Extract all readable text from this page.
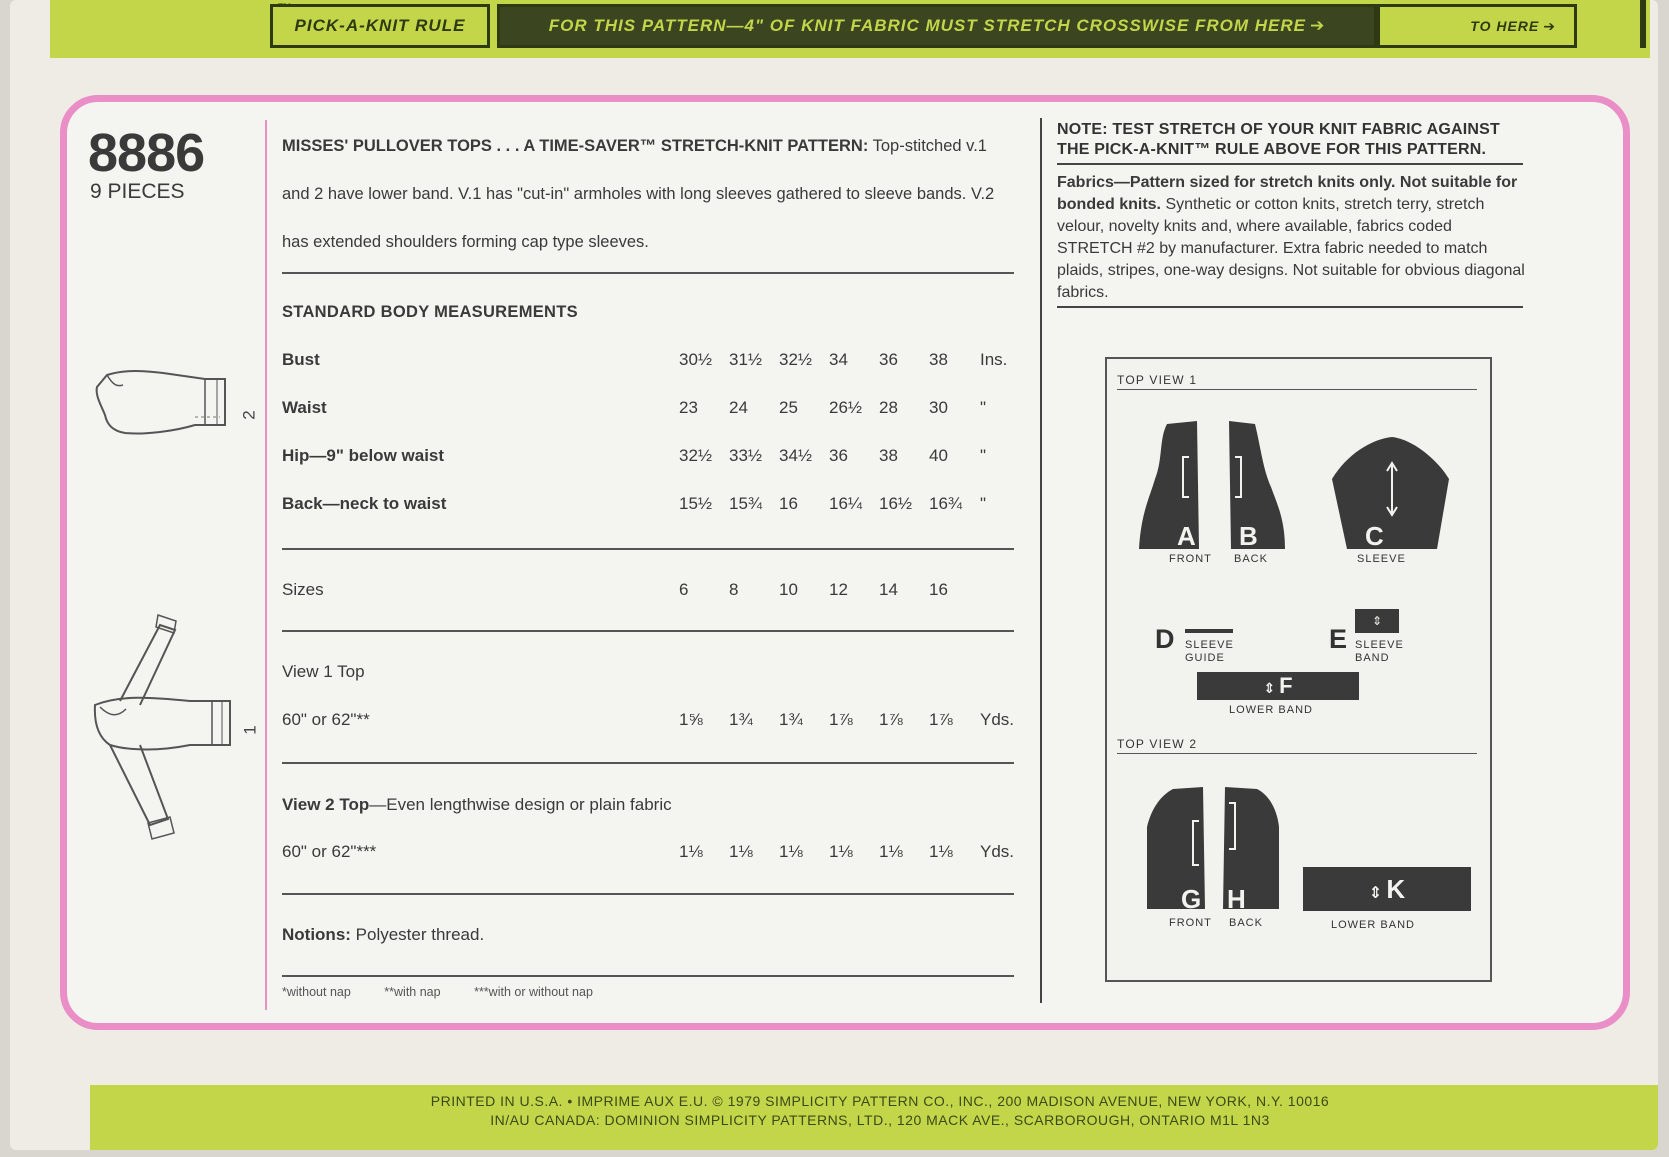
PICK-A-KNIT RULE	FOR THIS PATTERN—4" OF KNIT FABRIC MUST STRETCH CROSSWISE FROM HERE ➔	TO HERE ➔
PRINTED IN U.S.A. • IMPRIME AUX E.U. © 1979 SIMPLICITY PATTERN CO., INC., 200 MADISON AVENUE, NEW YORK, N.Y. 10016
IN/AU CANADA: DOMINION SIMPLICITY PATTERNS, LTD., 120 MACK AVE., SCARBOROUGH, ONTARIO M1L 1N3
8886
9 PIECES
2
1
MISSES' PULLOVER TOPS . . . A TIME-SAVER™ STRETCH-KNIT PATTERN: Top-stitched v.1 and 2 have lower band. V.1 has "cut-in" armholes with long sleeves gathered to sleeve bands. V.2 has extended shoulders forming cap type sleeves.
STANDARD BODY MEASUREMENTS
Bust	30½ 31½ 32½ 34	36	38	Ins.
Waist	23	24	25	26½ 28	30	"
Hip—9" below waist	32½ 33½ 34½ 36	38	40	"
Back—neck to waist	15½ 15¾ 16	16¼ 16½ 16¾	"
Sizes	6	8	10	12	14	16
View 1 Top
60" or 62"**	1⅝	1¾	1¾	1⅞	1⅞	1⅞	Yds.
View 2 Top—Even lengthwise design or plain fabric
60" or 62"***	1⅛	1⅛	1⅛	1⅛	1⅛	1⅛	Yds.
Notions: Polyester thread.
*without nap	**with nap	***with or without nap
NOTE: TEST STRETCH OF YOUR KNIT FABRIC AGAINST THE PICK-A-KNIT™ RULE ABOVE FOR THIS PATTERN.
Fabrics—Pattern sized for stretch knits only. Not suitable for bonded knits. Synthetic or cotton knits, stretch terry, stretch velour, novelty knits and, where available, fabrics coded STRETCH #2 by manufacturer. Extra fabric needed to match plaids, stripes, one-way designs. Not suitable for obvious diagonal fabrics.
TOP VIEW 1
A B	C
FRONT BACK	SLEEVE
D SLEEVE
GUIDE
E
⇕
SLEEVE
BAND
⇕ F
LOWER BAND
TOP VIEW 2
G H
FRONT BACK
⇕ K
LOWER BAND
